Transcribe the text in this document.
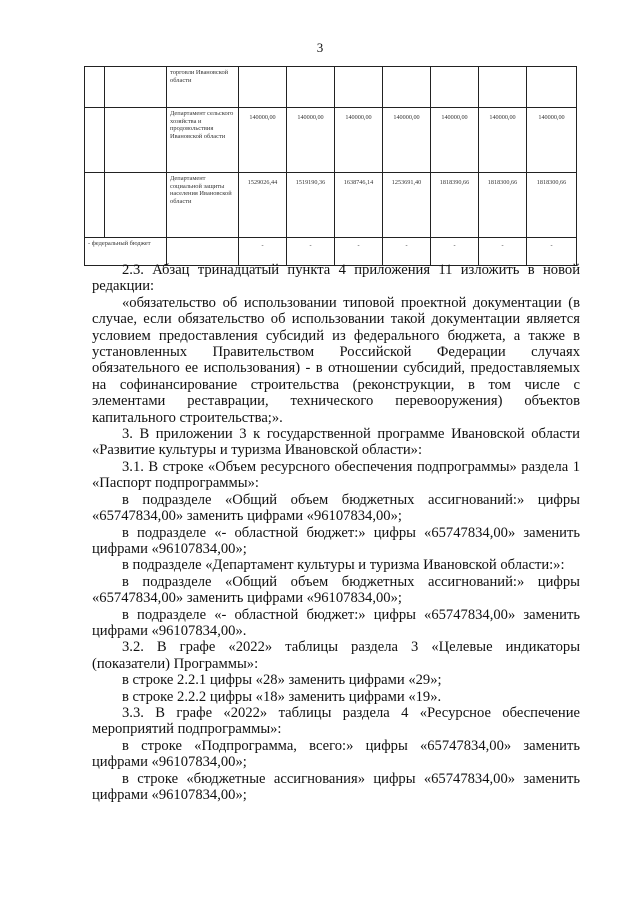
3
		торговли Ивановской области							
		Департамент сельского хозяйства и продовольствия Ивановской области	140000,00	140000,00	140000,00	140000,00	140000,00	140000,00	140000,00
		Департамент социальной защиты населения Ивановской области	1529026,44	1519190,36	1638746,14	1253691,40	1818390,66	1818300,66	1818300,66
- федеральный бюджет			-	-	-	-	-	-	-

2.3. Абзац тринадцатый пункта 4 приложения 11 изложить в новой редакции:

«обязательство об использовании типовой проектной документации (в случае, если обязательство об использовании такой документации является условием предоставления субсидий из федерального бюджета, а также в установленных Правительством Российской Федерации случаях обязательного ее использования) - в отношении субсидий, предоставляемых на софинансирование строительства (реконструкции, в том числе с элементами реставрации, технического перевооружения) объектов капитального строительства;».

3. В приложении 3 к государственной программе Ивановской области «Развитие культуры и туризма Ивановской области»:

3.1. В строке «Объем ресурсного обеспечения подпрограммы» раздела 1 «Паспорт подпрограммы»:

в подразделе «Общий объем бюджетных ассигнований:» цифры «65747834,00» заменить цифрами «96107834,00»;

в подразделе «- областной бюджет:» цифры «65747834,00» заменить цифрами «96107834,00»;

в подразделе «Департамент культуры и туризма Ивановской области:»:

в подразделе «Общий объем бюджетных ассигнований:» цифры «65747834,00» заменить цифрами «96107834,00»;

в подразделе «- областной бюджет:» цифры «65747834,00» заменить цифрами «96107834,00».

3.2. В графе «2022» таблицы раздела 3 «Целевые индикаторы (показатели) Программы»:

в строке 2.2.1 цифры «28» заменить цифрами «29»;

в строке 2.2.2 цифры «18» заменить цифрами «19».

3.3. В графе «2022» таблицы раздела 4 «Ресурсное обеспечение мероприятий подпрограммы»:

в строке «Подпрограмма, всего:» цифры «65747834,00» заменить цифрами «96107834,00»;

в строке «бюджетные ассигнования» цифры «65747834,00» заменить цифрами «96107834,00»;
